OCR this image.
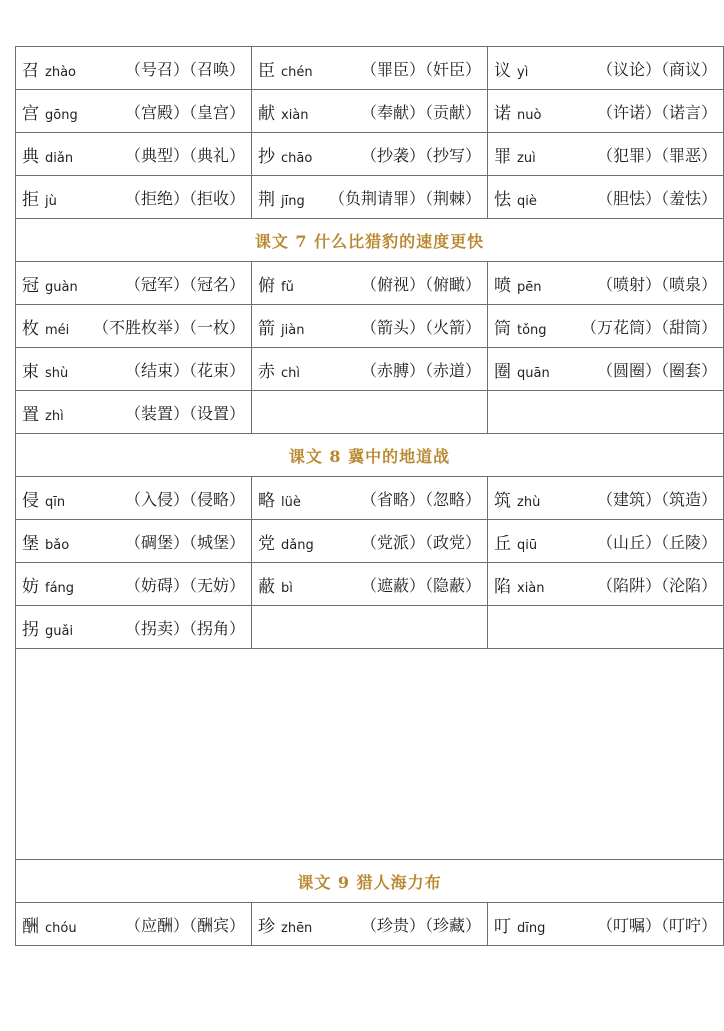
召 zhào （号召）（召唤）	臣 chén （罪臣）（奸臣）	议 yì （议论）（商议）

宫 gōng （宫殿）（皇宫）	献 xiàn （奉献）（贡献）	诺 nuò （许诺）（诺言）

典 diǎn （典型）（典礼）	抄 chāo （抄袭）（抄写）	罪 zuì （犯罪）（罪恶）

拒 jù （拒绝）（拒收）	荆 jīng （负荆请罪）（荆棘）	怯 qiè （胆怯）（羞怯）

课文 7 什么比猎豹的速度更快		

冠 guàn （冠军）（冠名）	俯 fǔ （俯视）（俯瞰）	喷 pēn （喷射）（喷泉）

枚 méi （不胜枚举）（一枚）	箭 jiàn （箭头）（火箭）	筒 tǒng （万花筒）（甜筒）

束 shù （结束）（花束）	赤 chì （赤膊）（赤道）	圈 quān （圆圈）（圈套）

置 zhì （装置）（设置）		

课文 8 冀中的地道战		

侵 qīn （入侵）（侵略）	略 lüè （省略）（忽略）	筑 zhù （建筑）（筑造）

堡 bǎo （碉堡）（城堡）	党 dǎng （党派）（政党）	丘 qiū （山丘）（丘陵）

妨 fáng （妨碍）（无妨）	蔽 bì （遮蔽）（隐蔽）	陷 xiàn （陷阱）（沦陷）

拐 guǎi （拐卖）（拐角）		

课文 9 猎人海力布		

酬 chóu （应酬）（酬宾）	珍 zhēn （珍贵）（珍藏）	叮 dīng （叮嘱）（叮咛）
